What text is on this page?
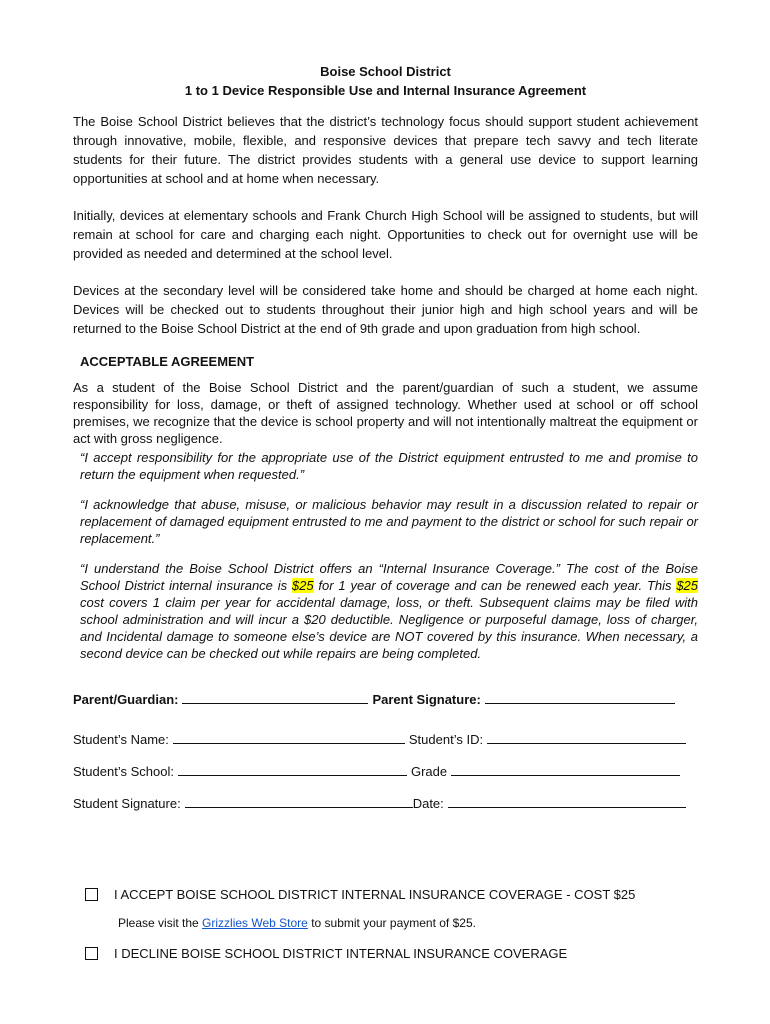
Boise School District
1 to 1 Device Responsible Use and Internal Insurance Agreement

The Boise School District believes that the district’s technology focus should support student achievement through innovative, mobile, flexible, and responsive devices that prepare tech savvy and tech literate students for their future. The district provides students with a general use device to support learning opportunities at school and at home when necessary.

Initially, devices at elementary schools and Frank Church High School will be assigned to students, but will remain at school for care and charging each night. Opportunities to check out for overnight use will be provided as needed and determined at the school level.

Devices at the secondary level will be considered take home and should be charged at home each night. Devices will be checked out to students throughout their junior high and high school years and will be returned to the Boise School District at the end of 9th grade and upon graduation from high school.

ACCEPTABLE AGREEMENT

As a student of the Boise School District and the parent/guardian of such a student, we assume responsibility for loss, damage, or theft of assigned technology. Whether used at school or off school premises, we recognize that the device is school property and will not intentionally maltreat the equipment or act with gross negligence.

“I accept responsibility for the appropriate use of the District equipment entrusted to me and promise to return the equipment when requested.”
“I acknowledge that abuse, misuse, or malicious behavior may result in a discussion related to repair or replacement of damaged equipment entrusted to me and payment to the district or school for such repair or replacement.”
“I understand the Boise School District offers an “Internal Insurance Coverage.” The cost of the Boise School District internal insurance is $25 for 1 year of coverage and can be renewed each year. This $25 cost covers 1 claim per year for accidental damage, loss, or theft. Subsequent claims may be filed with school administration and will incur a $20 deductible. Negligence or purposeful damage, loss of charger, and Incidental damage to someone else’s device are NOT covered by this insurance. When necessary, a second device can be checked out while repairs are being completed.
Parent/Guardian:	Parent Signature:
Student’s Name:	Student’s ID:
Student’s School:	Grade
Student Signature:	Date:
I ACCEPT BOISE SCHOOL DISTRICT INTERNAL INSURANCE COVERAGE - COST $25
Please visit the Grizzlies Web Store to submit your payment of $25.
I DECLINE BOISE SCHOOL DISTRICT INTERNAL INSURANCE COVERAGE
